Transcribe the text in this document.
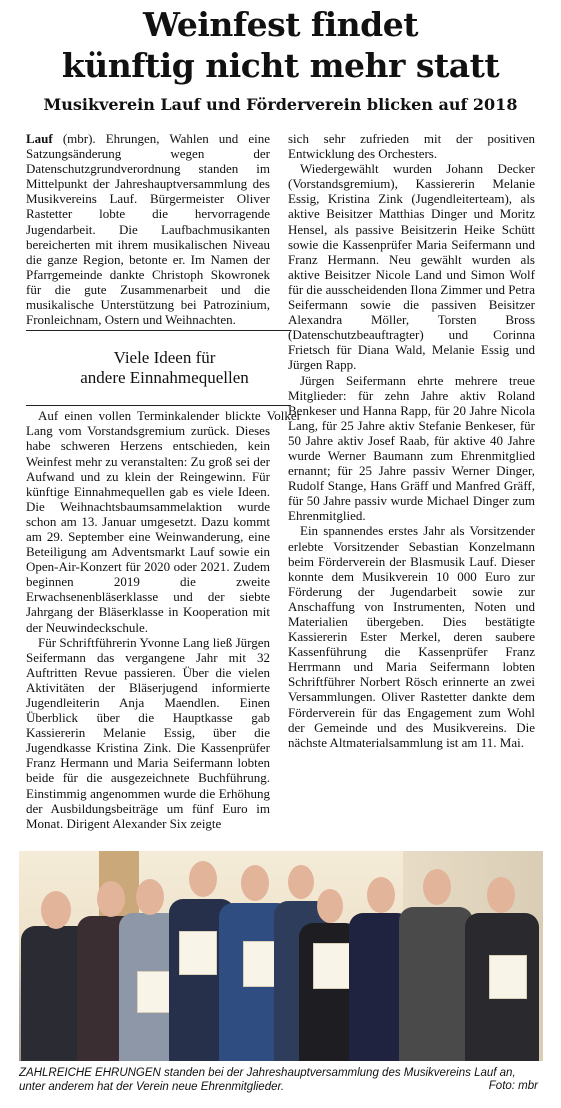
Weinfest findet
künftig nicht mehr statt
Musikverein Lauf und Förderverein blicken auf 2018

Lauf (mbr). Ehrungen, Wahlen und eine Satzungsänderung wegen der Datenschutzgrundverordnung standen im Mittelpunkt der Jahreshauptversammlung des Musikvereins Lauf. Bürgermeister Oliver Rastetter lobte die hervorragende Jugendarbeit. Die Laufbachmusikanten bereicherten mit ihrem musikalischen Niveau die ganze Region, betonte er. Im Namen der Pfarrgemeinde dankte Christoph Skowronek für die gute Zusammenarbeit und die musikalische Unterstützung bei Patrozinium, Fronleichnam, Ostern und Weihnachten.

Viele Ideen für
andere Einnahmequellen
Auf einen vollen Terminkalender blickte Volker Lang vom Vorstandsgremium zurück. Dieses habe schweren Herzens entschieden, kein Weinfest mehr zu veranstalten: Zu groß sei der Aufwand und zu klein der Reingewinn. Für künftige Einnahmequellen gab es viele Ideen. Die Weihnachtsbaumsammelaktion wurde schon am 13. Januar umgesetzt. Dazu kommt am 29. September eine Weinwanderung, eine Beteiligung am Adventsmarkt Lauf sowie ein Open-Air-Konzert für 2020 oder 2021. Zudem beginnen 2019 die zweite Erwachsenenbläserklasse und der siebte Jahrgang der Bläserklasse in Kooperation mit der Neuwindeckschule.

Für Schriftführerin Yvonne Lang ließ Jürgen Seifermann das vergangene Jahr mit 32 Auftritten Revue passieren. Über die vielen Aktivitäten der Bläserjugend informierte Jugendleiterin Anja Maendlen. Einen Überblick über die Hauptkasse gab Kassiererin Melanie Essig, über die Jugendkasse Kristina Zink. Die Kassenprüfer Franz Hermann und Maria Seifermann lobten beide für die ausgezeichnete Buchführung. Einstimmig angenommen wurde die Erhöhung der Ausbildungsbeiträge um fünf Euro im Monat. Dirigent Alexander Six zeigte

sich sehr zufrieden mit der positiven Entwicklung des Orchesters.

Wiedergewählt wurden Johann Decker (Vorstandsgremium), Kassiererin Melanie Essig, Kristina Zink (Jugendleiterteam), als aktive Beisitzer Matthias Dinger und Moritz Hensel, als passive Beisitzerin Heike Schütt sowie die Kassenprüfer Maria Seifermann und Franz Hermann. Neu gewählt wurden als aktive Beisitzer Nicole Land und Simon Wolf für die ausscheidenden Ilona Zimmer und Petra Seifermann sowie die passiven Beisitzer Alexandra Möller, Torsten Bross (Datenschutzbeauftragter) und Corinna Frietsch für Diana Wald, Melanie Essig und Jürgen Rapp.

Jürgen Seifermann ehrte mehrere treue Mitglieder: für zehn Jahre aktiv Roland Benkeser und Hanna Rapp, für 20 Jahre Nicola Lang, für 25 Jahre aktiv Stefanie Benkeser, für 50 Jahre aktiv Josef Raab, für aktive 40 Jahre wurde Werner Baumann zum Ehrenmitglied ernannt; für 25 Jahre passiv Werner Dinger, Rudolf Stange, Hans Gräff und Manfred Gräff, für 50 Jahre passiv wurde Michael Dinger zum Ehrenmitglied.

Ein spannendes erstes Jahr als Vorsitzender erlebte Vorsitzender Sebastian Konzelmann beim Förderverein der Blasmusik Lauf. Dieser konnte dem Musikverein 10 000 Euro zur Förderung der Jugendarbeit sowie zur Anschaffung von Instrumenten, Noten und Materialien übergeben. Dies bestätigte Kassiererin Ester Merkel, deren saubere Kassenführung die Kassenprüfer Franz Herrmann und Maria Seifermann lobten Schriftführer Norbert Rösch erinnerte an zwei Versammlungen. Oliver Rastetter dankte dem Förderverein für das Engagement zum Wohl der Gemeinde und des Musikvereins. Die nächste Altmaterialsammlung ist am 11. Mai.

ZAHLREICHE EHRUNGEN standen bei der Jahreshauptversammlung des Musikvereins Lauf an, unter anderem hat der Verein neue Ehrenmitglieder.	Foto: mbr
